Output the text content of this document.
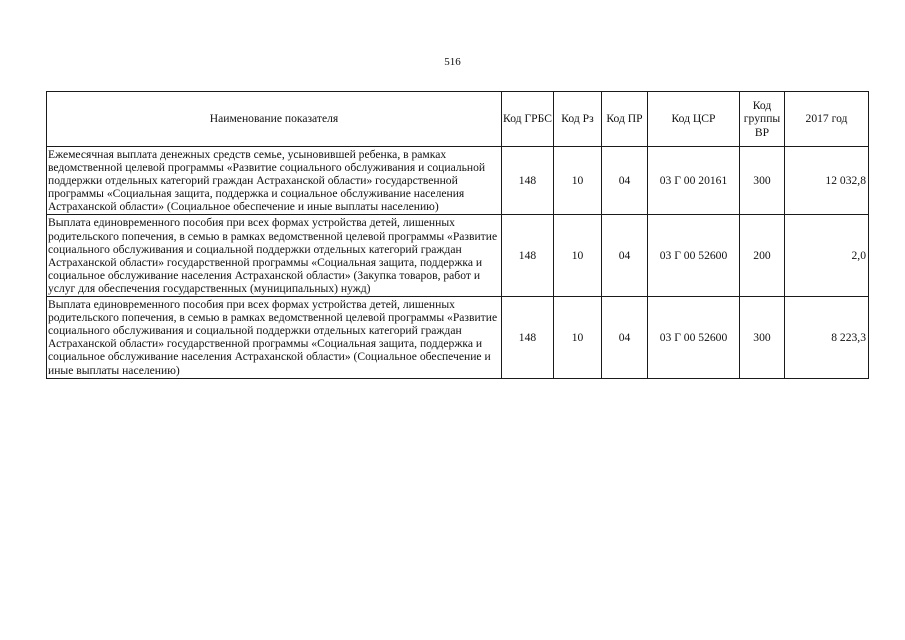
516
Наименование показателя	Код ГРБС	Код Рз	Код ПР	Код ЦСР	Код группы ВР	2017 год
Ежемесячная выплата денежных средств семье, усыновившей ребенка, в рамках ведомственной целевой программы «Развитие социального обслуживания и социальной поддержки отдельных категорий граждан Астраханской области» государственной программы «Социальная защита, поддержка и социальное обслуживание населения Астраханской области» (Социальное обеспечение и иные выплаты населению)	148	10	04	03 Г 00 20161	300	12 032,8
Выплата единовременного пособия при всех формах устройства детей, лишенных родительского попечения, в семью в рамках ведомственной целевой программы «Развитие социального обслуживания и социальной поддержки отдельных категорий граждан Астраханской области» государственной программы «Социальная защита, поддержка и социальное обслуживание населения Астраханской области» (Закупка товаров, работ и услуг для обеспечения государственных (муниципальных) нужд)	148	10	04	03 Г 00 52600	200	2,0
Выплата единовременного пособия при всех формах устройства детей, лишенных родительского попечения, в семью в рамках ведомственной целевой программы «Развитие социального обслуживания и социальной поддержки отдельных категорий граждан Астраханской области» государственной программы «Социальная защита, поддержка и социальное обслуживание населения Астраханской области» (Социальное обеспечение и иные выплаты населению)	148	10	04	03 Г 00 52600	300	8 223,3
